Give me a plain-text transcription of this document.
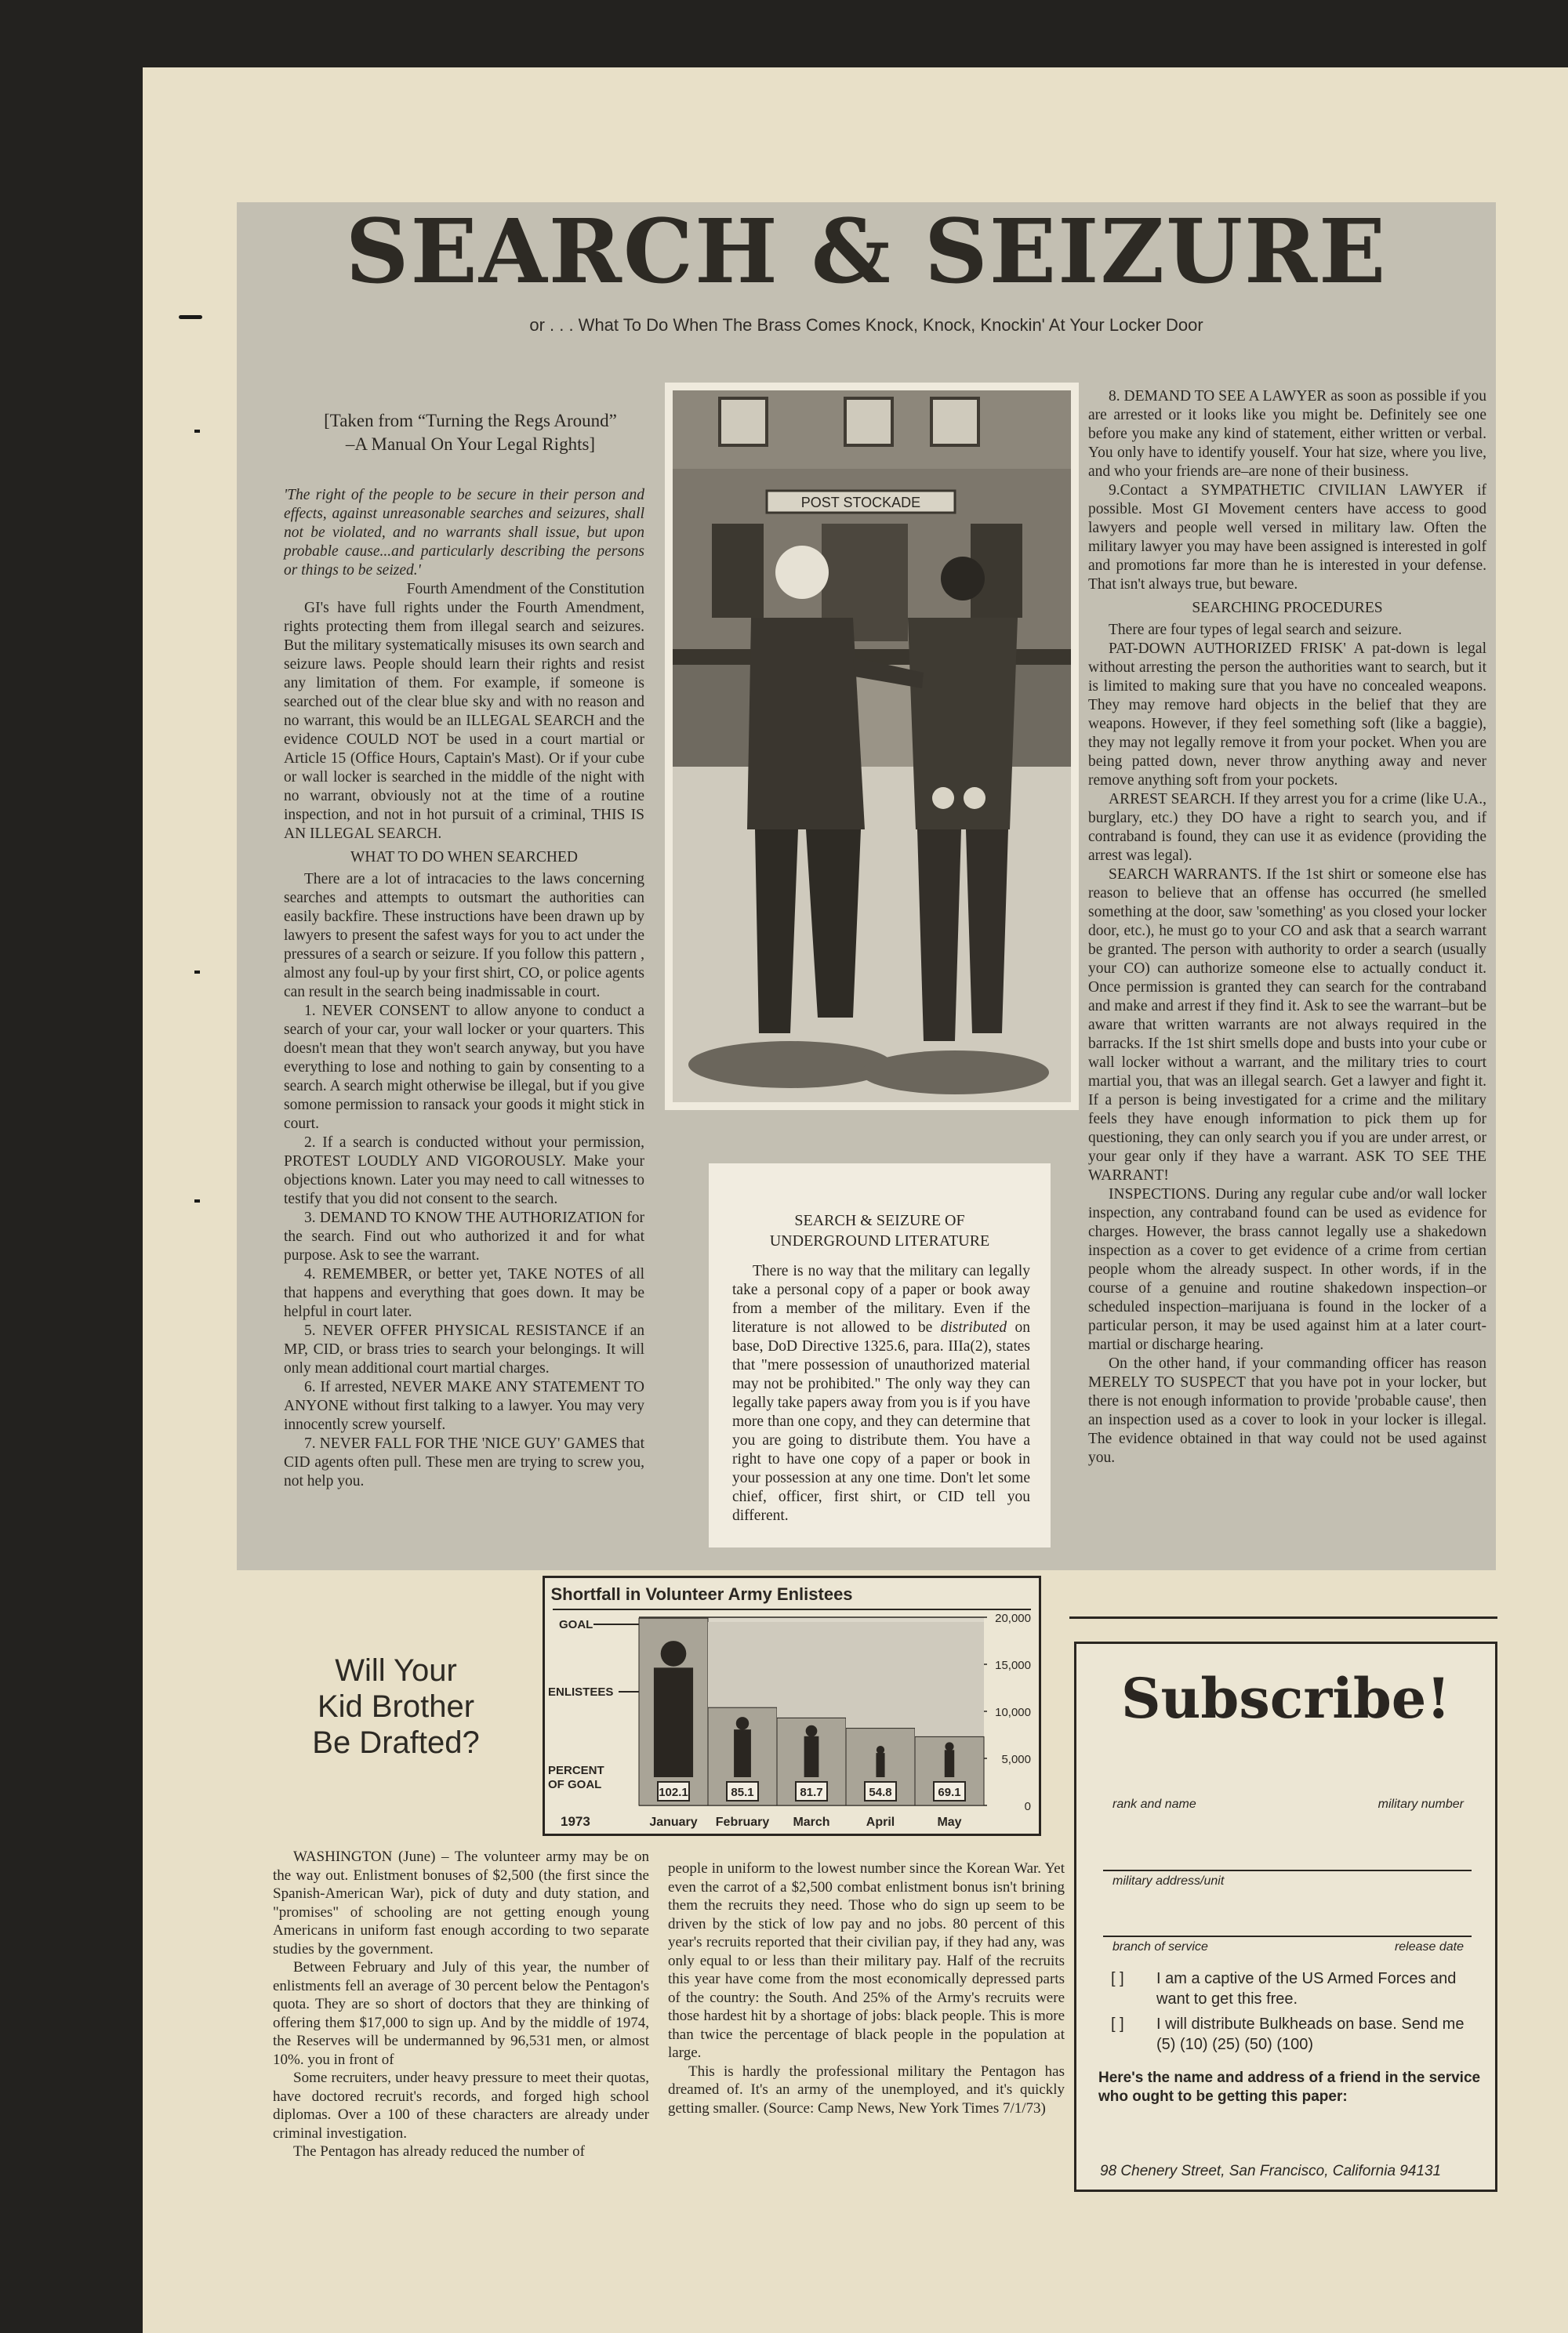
SEARCH & SEIZURE
or . . . What To Do When The Brass Comes Knock, Knock, Knockin' At Your Locker Door
[Taken from “Turning the Regs Around”
–A Manual On Your Legal Rights]

'The right of the people to be secure in their person and effects, against unreasonable searches and seizures, shall not be violated, and no warrants shall issue, but upon probable cause...and particularly describing the persons or things to be seized.'

Fourth Amendment of the Constitution

GI's have full rights under the Fourth Amendment, rights protecting them from illegal search and seizures. But the military systematically misuses its own search and seizure laws. People should learn their rights and resist any limitation of them. For example, if someone is searched out of the clear blue sky and with no reason and no warrant, this would be an ILLEGAL SEARCH and the evidence COULD NOT be used in a court martial or Article 15 (Office Hours, Captain's Mast). Or if your cube or wall locker is searched in the middle of the night with no warrant, obviously not at the time of a routine inspection, and not in hot pursuit of a criminal, THIS IS AN ILLEGAL SEARCH.

WHAT TO DO WHEN SEARCHED

There are a lot of intracacies to the laws concerning searches and attempts to outsmart the authorities can easily backfire. These instructions have been drawn up by lawyers to present the safest ways for you to act under the pressures of a search or seizure. If you follow this pattern , almost any foul-up by your first shirt, CO, or police agents can result in the search being inadmissable in court.

1. NEVER CONSENT to allow anyone to conduct a search of your car, your wall locker or your quarters. This doesn't mean that they won't search anyway, but you have everything to lose and nothing to gain by consenting to a search. A search might otherwise be illegal, but if you give somone permission to ransack your goods it might stick in court.

2. If a search is conducted without your permission, PROTEST LOUDLY AND VIGOROUSLY. Make your objections known. Later you may need to call witnesses to testify that you did not consent to the search.

3. DEMAND TO KNOW THE AUTHORIZATION for the search. Find out who authorized it and for what purpose. Ask to see the warrant.

4. REMEMBER, or better yet, TAKE NOTES of all that happens and everything that goes down. It may be helpful in court later.

5. NEVER OFFER PHYSICAL RESISTANCE if an MP, CID, or brass tries to search your belongings. It will only mean additional court martial charges.

6. If arrested, NEVER MAKE ANY STATEMENT TO ANYONE without first talking to a lawyer. You may very innocently screw yourself.

7. NEVER FALL FOR THE 'NICE GUY' GAMES that CID agents often pull. These men are trying to screw you, not help you.

POST STOCKADE
SEARCH & SEIZURE OF
UNDERGROUND LITERATURE

There is no way that the military can legally take a personal copy of a paper or book away from a member of the military. Even if the literature is not allowed to be distributed on base, DoD Directive 1325.6, para. IIIa(2), states that "mere possession of unauthorized material may not be prohibited." The only way they can legally take papers away from you is if you have more than one copy, and they can determine that you are going to distribute them. You have a right to have one copy of a paper or book in your possession at any one time. Don't let some chief, officer, first shirt, or CID tell you different.

8. DEMAND TO SEE A LAWYER as soon as possible if you are arrested or it looks like you might be. Definitely see one before you make any kind of statement, either written or verbal. You only have to identify youself. Your hat size, where you live, and who your friends are–are none of their business.

9.Contact a SYMPATHETIC CIVILIAN LAWYER if possible. Most GI Movement centers have access to good lawyers and people well versed in military law. Often the military lawyer you may have been assigned is interested in golf and promotions far more than he is interested in your defense. That isn't always true, but beware.

SEARCHING PROCEDURES

There are four types of legal search and seizure.

PAT-DOWN AUTHORIZED FRISK' A pat-down is legal without arresting the person the authorities want to search, but it is limited to making sure that you have no concealed weapons. They may remove hard objects in the belief that they are weapons. However, if they feel something soft (like a baggie), they may not legally remove it from your pocket. When you are being patted down, never throw anything away and never remove anything soft from your pockets.

ARREST SEARCH. If they arrest you for a crime (like U.A., burglary, etc.) they DO have a right to search you, and if contraband is found, they can use it as evidence (providing the arrest was legal).

SEARCH WARRANTS. If the 1st shirt or someone else has reason to believe that an offense has occurred (he smelled something at the door, saw 'something' as you closed your locker door, etc.), he must go to your CO and ask that a search warrant be granted. The person with authority to order a search (usually your CO) can authorize someone else to actually conduct it. Once permission is granted they can search for the contraband and make and arrest if they find it. Ask to see the warrant–but be aware that written warrants are not always required in the barracks. If the 1st shirt smells dope and busts into your cube or wall locker without a warrant, and the military tries to court martial you, that was an illegal search. Get a lawyer and fight it. If a person is being investigated for a crime and the military feels they have enough information to pick them up for questioning, they can only search you if you are under arrest, or your gear only if they have a warrant. ASK TO SEE THE WARRANT!

INSPECTIONS. During any regular cube and/or wall locker inspection, any contraband found can be used as evidence for charges. However, the brass cannot legally use a shakedown inspection as a cover to get evidence of a crime from certian people whom the already suspect. In other words, if in the course of a genuine and routine shakedown inspection–or scheduled inspection–marijuana is found in the locker of a particular person, it may be used against him at a later court-martial or discharge hearing.

On the other hand, if your commanding officer has reason MERELY TO SUSPECT that you have pot in your locker, but there is not enough information to provide 'probable cause', then an inspection used as a cover to look in your locker is illegal. The evidence obtained in that way could not be used against you.

Will Your
Kid Brother
Be Drafted?
Shortfall in Volunteer Army Enlistees
0
5,000
10,000
15,000
20,000
102.1	85.1	81.7	54.8	69.1
January February March	April	May
GOAL
ENLISTEES
PERCENT
OF GOAL
1973

WASHINGTON (June) – The volunteer army may be on the way out. Enlistment bonuses of $2,500 (the first since the Spanish-American War), pick of duty and duty station, and "promises" of schooling are not getting enough young Americans in uniform fast enough according to two separate studies by the government.

Between February and July of this year, the number of enlistments fell an average of 30 percent below the Pentagon's quota. They are so short of doctors that they are thinking of offering them $17,000 to sign up. And by the middle of 1974, the Reserves will be undermanned by 96,531 men, or almost 10%. you in front of

Some recruiters, under heavy pressure to meet their quotas, have doctored recruit's records, and forged high school diplomas. Over a 100 of these characters are already under criminal investigation.

The Pentagon has already reduced the number of

people in uniform to the lowest number since the Korean War. Yet even the carrot of a $2,500 combat enlistment bonus isn't brining them the recruits they need. Those who do sign up seem to be driven by the stick of low pay and no jobs. 80 percent of this year's recruits reported that their civilian pay, if they had any, was only equal to or less than their military pay. Half of the recruits this year have come from the most economically depressed parts of the country: the South. And 25% of the Army's recruits were those hardest hit by a shortage of jobs: black people. This is more than twice the percentage of black people in the population at large.

This is hardly the professional military the Pentagon has dreamed of. It's an army of the unemployed, and it's quickly getting smaller. (Source: Camp News, New York Times 7/1/73)

Subscribe!
rank and name	military number
military address/unit
branch of service	release date
[ ] I am a captive of the US Armed Forces and want to get this free.
[ ] I will distribute Bulkheads on base. Send me (5) (10) (25) (50) (100)
Here's the name and address of a friend in the service who ought to be getting this paper:
98 Chenery Street, San Francisco, California 94131
